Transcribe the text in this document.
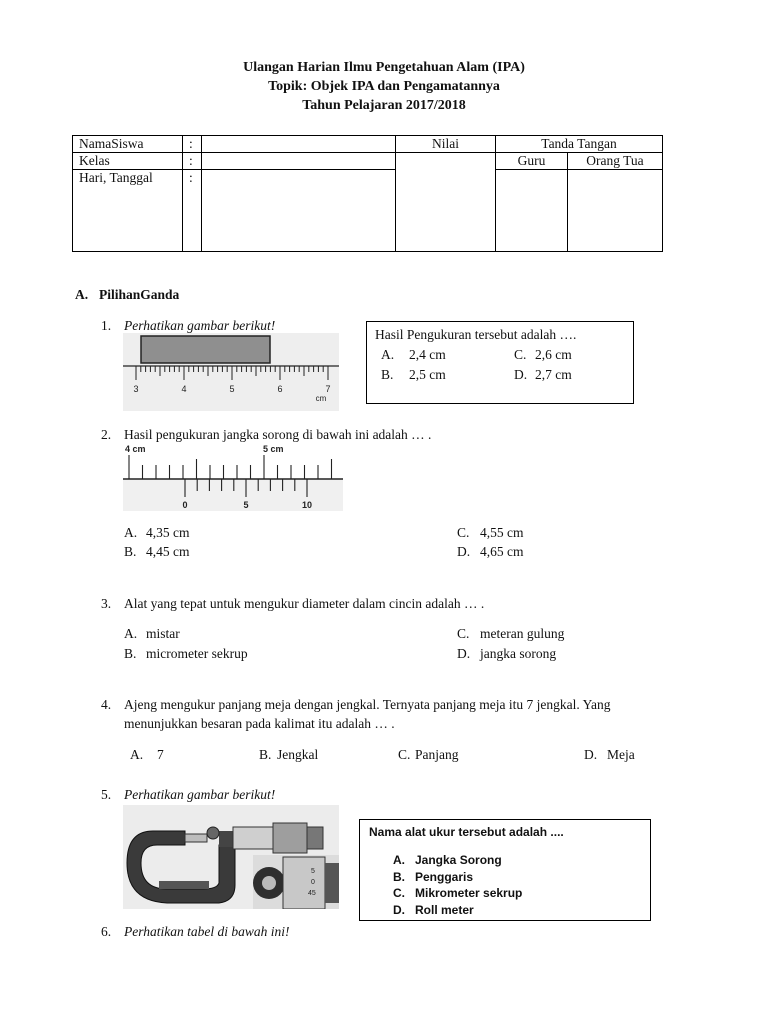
Ulangan Harian Ilmu Pengetahuan Alam (IPA)
Topik: Objek IPA dan Pengamatannya
Tahun Pelajaran 2017/2018
NamaSiswa	:		Nilai	Tanda Tangan	
Kelas	:			Guru	Orang Tua
Hari, Tanggal	:				
A. PilihanGanda
1. Perhatikan gambar berikut!
3	4	5	6	7
cm
Hasil Pengukuran tersebut adalah ….
A. 2,4 cm	C. 2,6 cm
B. 2,5 cm	D. 2,7 cm
2. Hasil pengukuran jangka sorong di bawah ini adalah … .
4 cm	5 cm
0	5	10
A. 4,35 cm	C. 4,55 cm
B. 4,45 cm	D. 4,65 cm
3. Alat yang tepat untuk mengukur diameter dalam cincin adalah … .
A. mistar	C. meteran gulung
B. micrometer sekrup	D. jangka sorong
4. Ajeng mengukur panjang meja dengan jengkal. Ternyata panjang meja itu 7 jengkal. Yang
menunjukkan besaran pada kalimat itu adalah … .
A. 7	B. Jengkal	C. Panjang	D. Meja
5. Perhatikan gambar berikut!
5
0
45
Nama alat ukur tersebut adalah ....
A. Jangka Sorong
B. Penggaris
C. Mikrometer sekrup
D. Roll meter
6. Perhatikan tabel di bawah ini!
